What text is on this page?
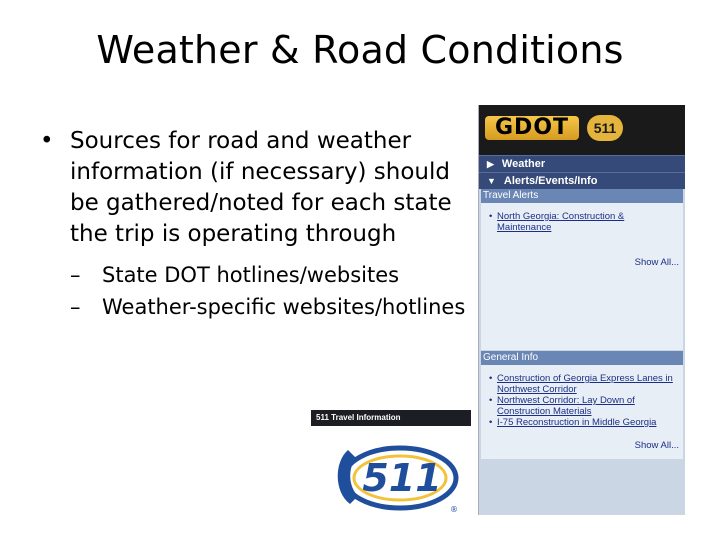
Weather & Road Conditions
• Sources for road and weather information (if necessary) should be gathered/noted for each state the trip is operating through
– State DOT hotlines/websites
– Weather-specific websites/hotlines
GDOT	511
▶ Weather
▼ Alerts/Events/Info
Travel Alerts
• North Georgia: Construction & Maintenance
Show All...
General Info
• Construction of Georgia Express Lanes in Northwest Corridor
• Northwest Corridor: Lay Down of Construction Materials
• I-75 Reconstruction in Middle Georgia
Show All...
511 Travel Information
511
®
